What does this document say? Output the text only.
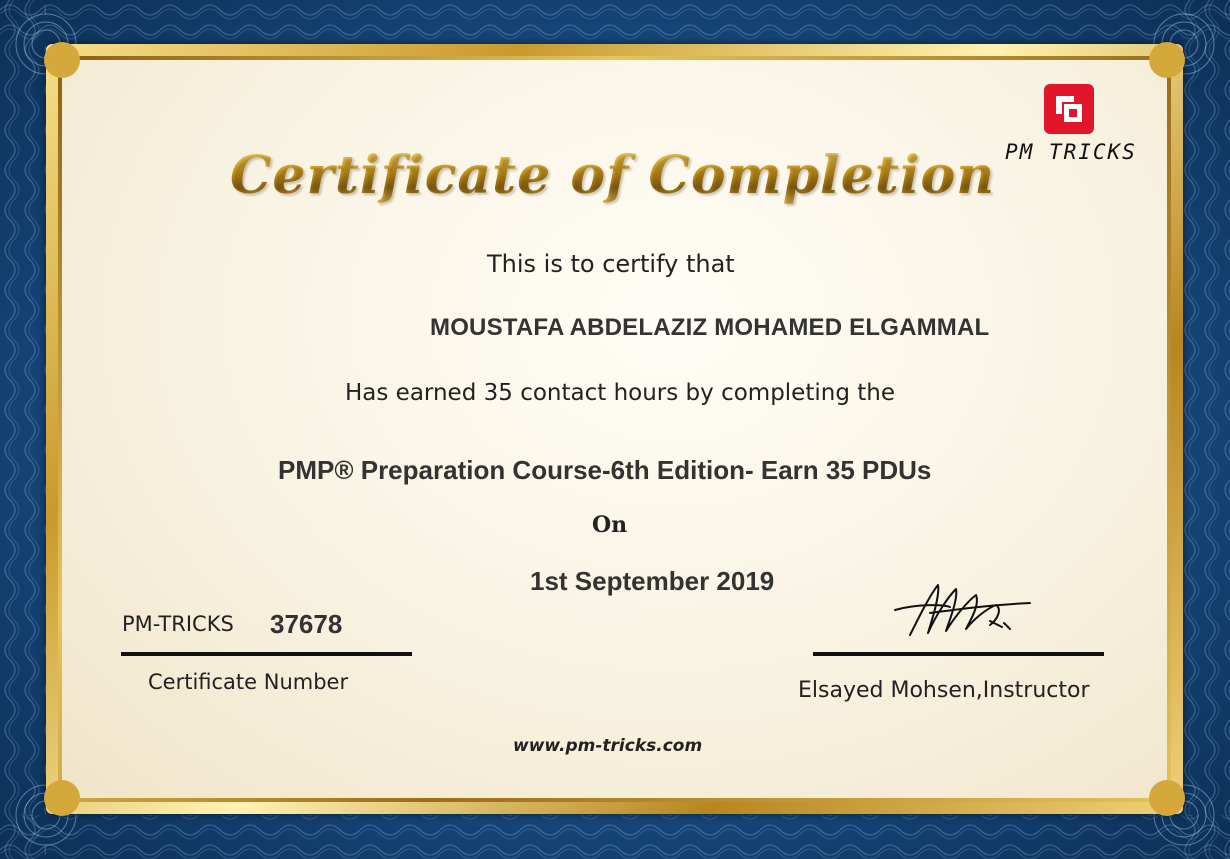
PM TRICKS
Certificate of Completion
This is to certify that
MOUSTAFA ABDELAZIZ MOHAMED ELGAMMAL
Has earned 35 contact hours by completing the
PMP® Preparation Course-6th Edition- Earn 35 PDUs
On
1st September 2019
PM-TRICKS 37678
Certificate Number	Elsayed Mohsen,Instructor
www.pm-tricks.com
